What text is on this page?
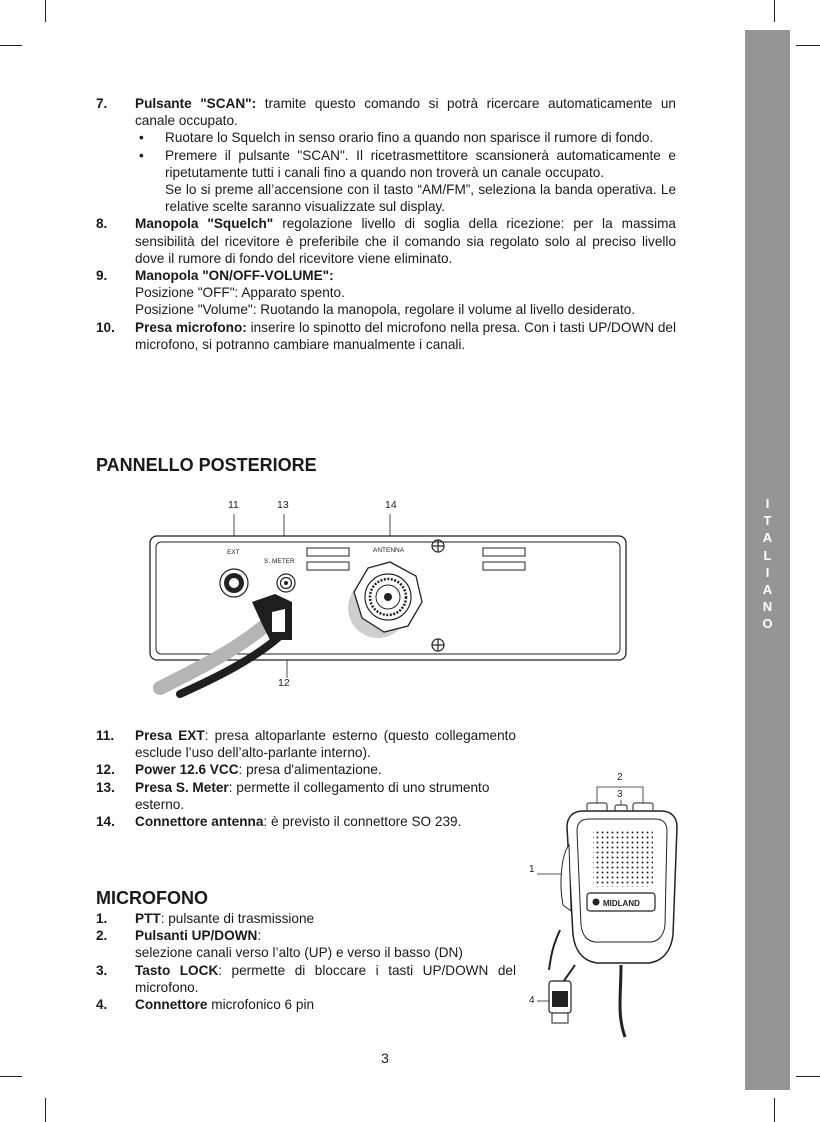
I
T
A
L
I
A
N
O
7. Pulsante "SCAN": tramite questo comando si potrà ricercare automaticamente un canale occupato.
• Ruotare lo Squelch in senso orario fino a quando non sparisce il rumore di fondo.
• Premere il pulsante "SCAN". Il ricetrasmettitore scansionerà automaticamente e ripetutamente tutti i canali fino a quando non troverà un canale occupato.
Se lo si preme all’accensione con il tasto “AM/FM”, seleziona la banda operativa. Le relative scelte saranno visualizzate sul display.
8. Manopola "Squelch" regolazione livello di soglia della ricezione: per la massima sensibilità del ricevitore è preferibile che il comando sia regolato solo al preciso livello dove il rumore di fondo del ricevitore viene eliminato.
9. Manopola "ON/OFF-VOLUME":
Posizione "OFF": Apparato spento.
Posizione "Volume": Ruotando la manopola, regolare il volume al livello desiderato.
10. Presa microfono: inserire lo spinotto del microfono nella presa. Con i tasti UP/DOWN del microfono, si potranno cambiare manualmente i canali.
PANNELLO POSTERIORE
11	13	14
12
EXT
S. METER
ANTENNA
11. Presa EXT: presa altoparlante esterno (questo collegamento esclude l’uso dell’alto-parlante interno).
12. Power 12.6 VCC: presa d'alimentazione.
13. Presa S. Meter: permette il collegamento di uno strumento esterno.
14. Connettore antenna: è previsto il connettore SO 239.
MICROFONO
1. PTT: pulsante di trasmissione
2. Pulsanti UP/DOWN:
selezione canali verso l’alto (UP) e verso il basso (DN)
3. Tasto LOCK: permette di bloccare i tasti UP/DOWN del microfono.
4. Connettore microfonico 6 pin
2
3
1
4
MIDLAND
3
